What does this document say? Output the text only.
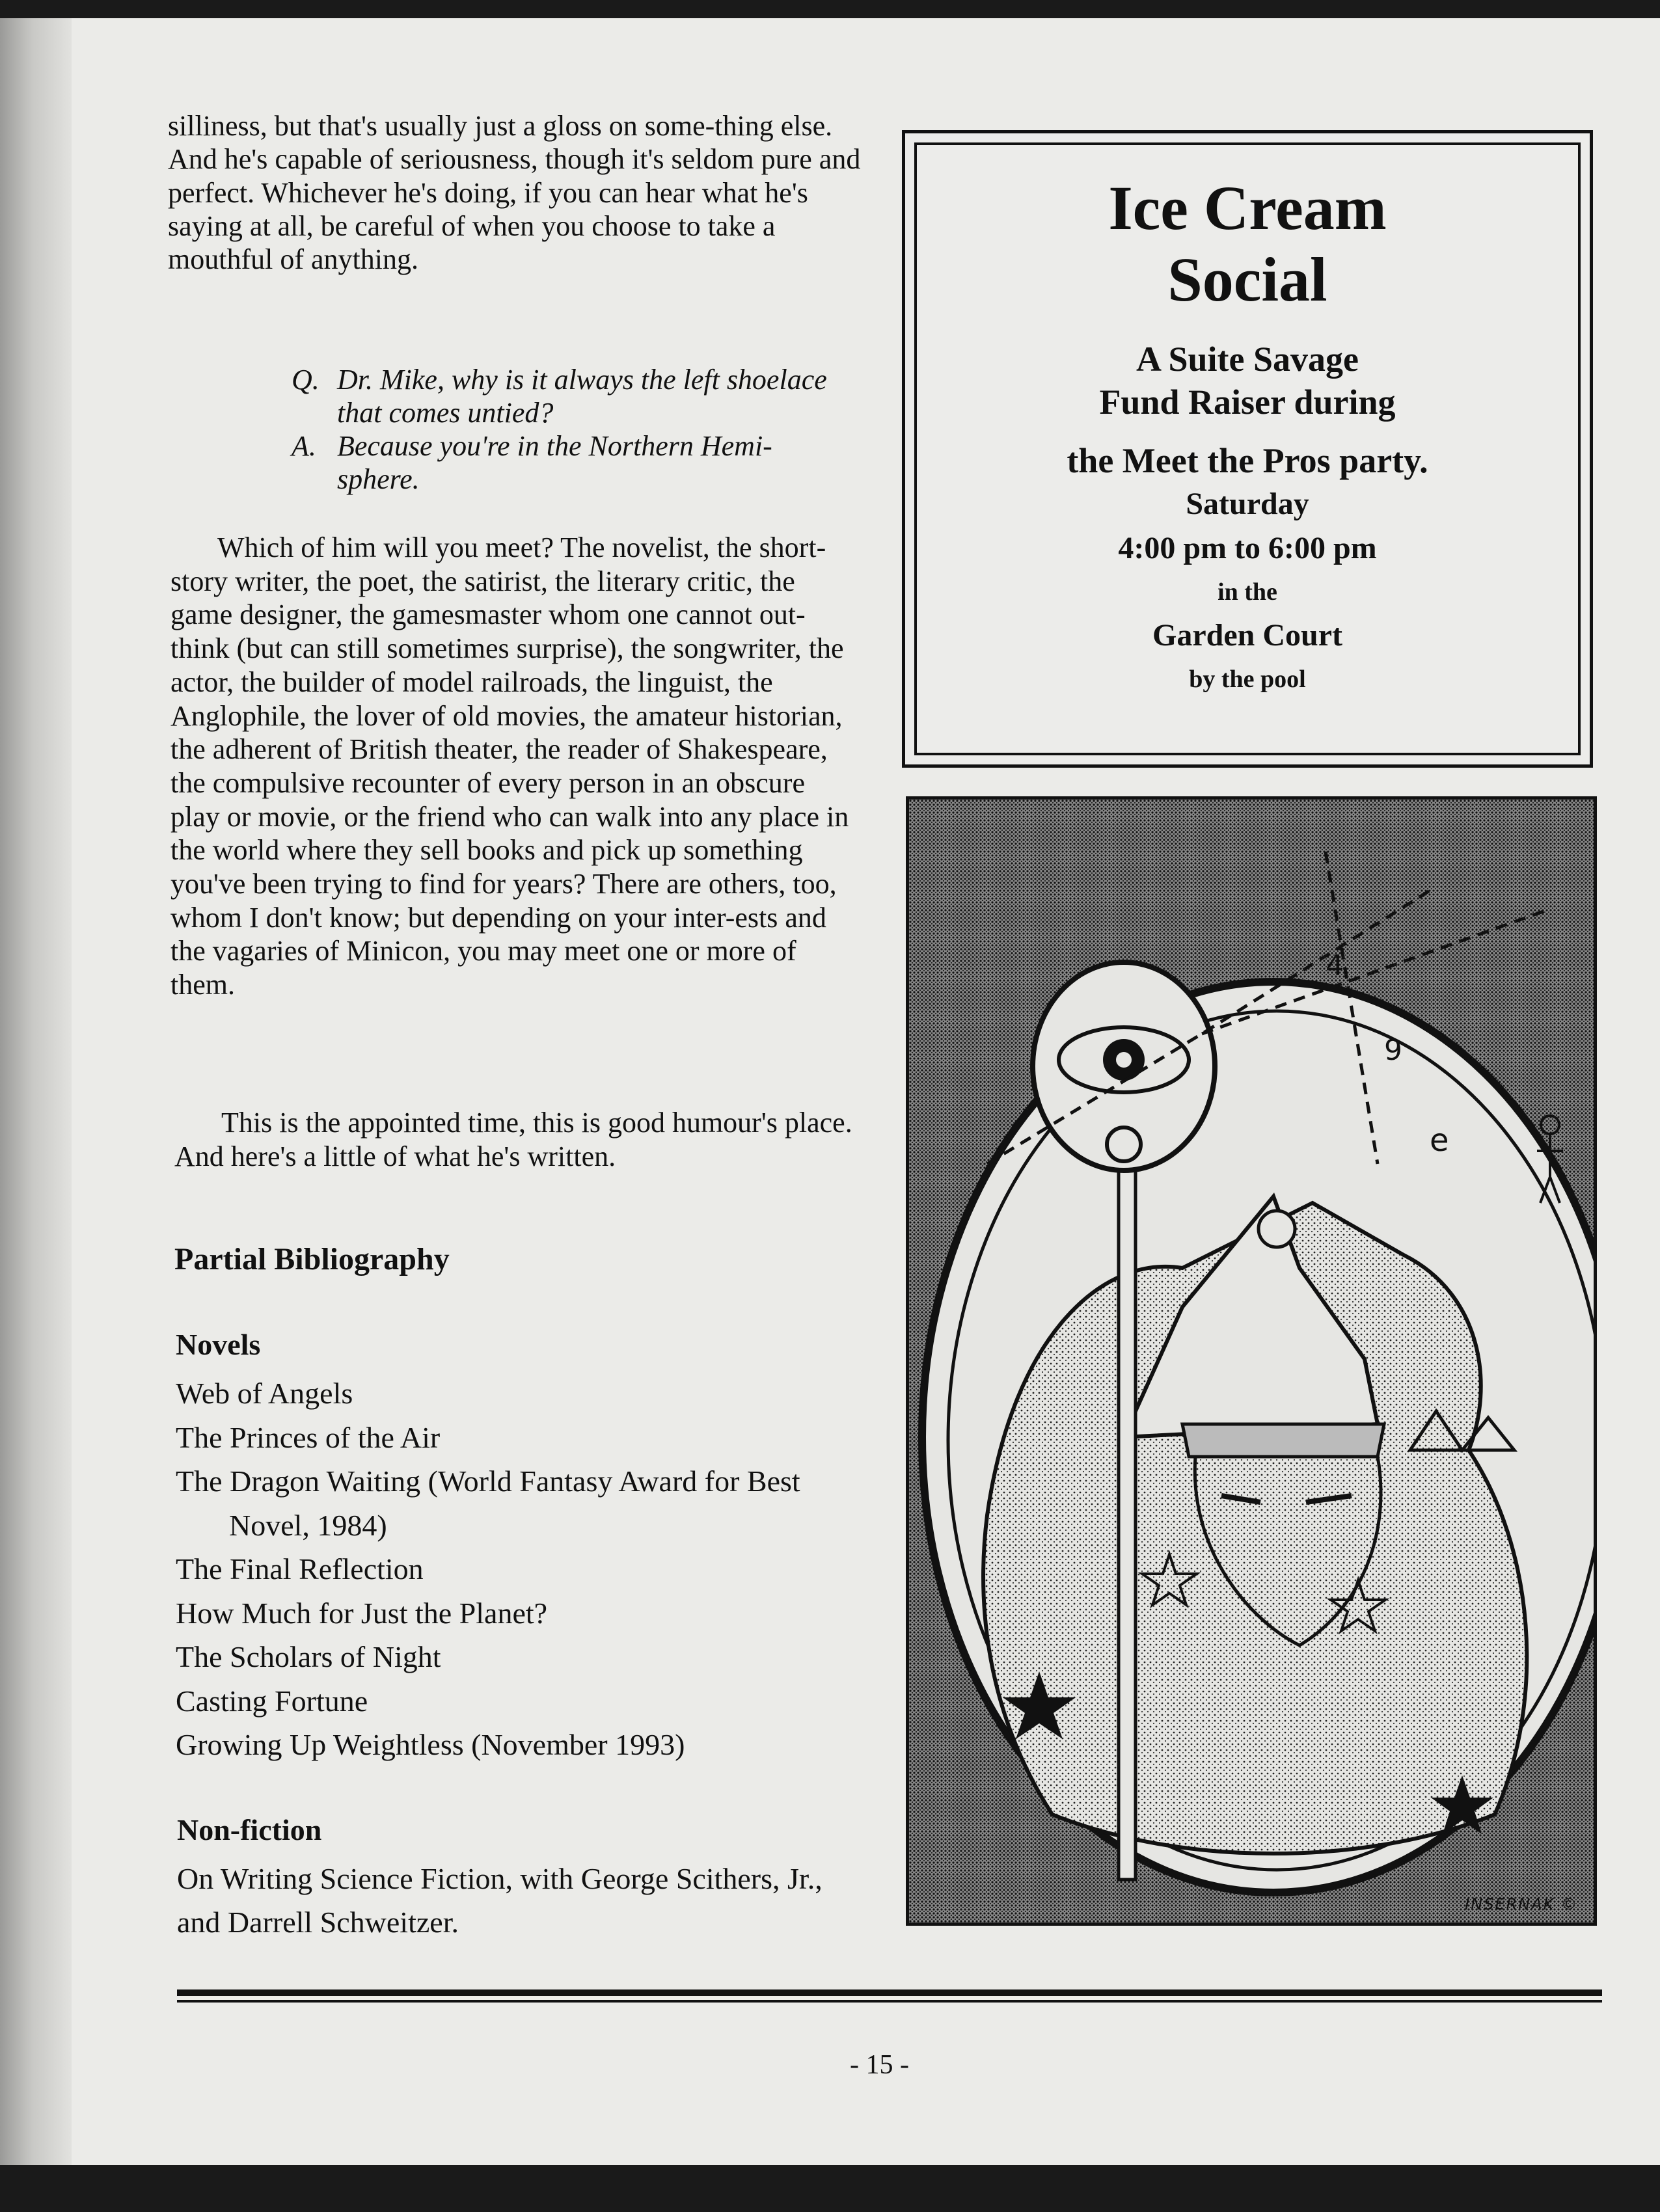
silliness, but that's usually just a gloss on some-thing else. And he's capable of seriousness, though it's seldom pure and perfect. Whichever he's doing, if you can hear what he's saying at all, be careful of when you choose to take a mouthful of anything.

Q. Dr. Mike, why is it always the left shoelace that comes untied?
A. Because you're in the Northern Hemi-sphere.

Which of him will you meet? The novelist, the short-story writer, the poet, the satirist, the literary critic, the game designer, the gamesmaster whom one cannot out-think (but can still sometimes surprise), the songwriter, the actor, the builder of model railroads, the linguist, the Anglophile, the lover of old movies, the amateur historian, the adherent of British theater, the reader of Shakespeare, the compulsive recounter of every person in an obscure play or movie, or the friend who can walk into any place in the world where they sell books and pick up something you've been trying to find for years? There are others, too, whom I don't know; but depending on your inter-ests and the vagaries of Minicon, you may meet one or more of them.

This is the appointed time, this is good humour's place. And here's a little of what he's written.

Partial Bibliography
Novels
Web of Angels
The Princes of the Air
The Dragon Waiting (World Fantasy Award for Best Novel, 1984)
The Final Reflection
How Much for Just the Planet?
The Scholars of Night
Casting Fortune
Growing Up Weightless (November 1993)
Non-fiction

On Writing Science Fiction, with George Scithers, Jr., and Darrell Schweitzer.

Ice Cream
Social
A Suite Savage
Fund Raiser during
the Meet the Pros party.
Saturday
4:00 pm to 6:00 pm
in the
Garden Court
by the pool
4
9
e
INSERNAK ©
- 15 -
